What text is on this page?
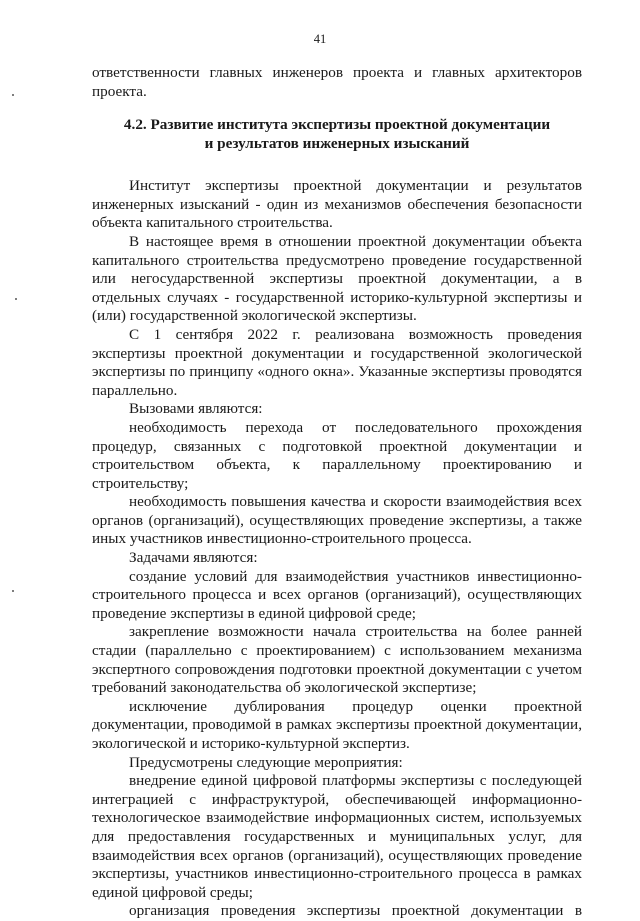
41

ответственности главных инженеров проекта и главных архитекторов проекта.

4.2. Развитие института экспертизы проектной документации
и результатов инженерных изысканий

Институт экспертизы проектной документации и результатов инженерных изысканий - один из механизмов обеспечения безопасности объекта капитального строительства.

В настоящее время в отношении проектной документации объекта капитального строительства предусмотрено проведение государственной или негосударственной экспертизы проектной документации, а в отдельных случаях - государственной историко-культурной экспертизы и (или) государственной экологической экспертизы.

С 1 сентября 2022 г. реализована возможность проведения экспертизы проектной документации и государственной экологической экспертизы по принципу «одного окна». Указанные экспертизы проводятся параллельно.

Вызовами являются:

необходимость перехода от последовательного прохождения процедур, связанных с подготовкой проектной документации и строительством объекта, к параллельному проектированию и строительству;

необходимость повышения качества и скорости взаимодействия всех органов (организаций), осуществляющих проведение экспертизы, а также иных участников инвестиционно-строительного процесса.

Задачами являются:

создание условий для взаимодействия участников инвестиционно-строительного процесса и всех органов (организаций), осуществляющих проведение экспертизы в единой цифровой среде;

закрепление возможности начала строительства на более ранней стадии (параллельно с проектированием) с использованием механизма экспертного сопровождения подготовки проектной документации с учетом требований законодательства об экологической экспертизе;

исключение дублирования процедур оценки проектной документации, проводимой в рамках экспертизы проектной документации, экологической и историко-культурной экспертиз.

Предусмотрены следующие мероприятия:

внедрение единой цифровой платформы экспертизы с последующей интеграцией с инфраструктурой, обеспечивающей информационно-технологическое взаимодействие информационных систем, используемых для предоставления государственных и муниципальных услуг, для взаимодействия всех органов (организаций), осуществляющих проведение экспертизы, участников инвестиционно-строительного процесса в рамках единой цифровой среды;

организация проведения экспертизы проектной документации в
